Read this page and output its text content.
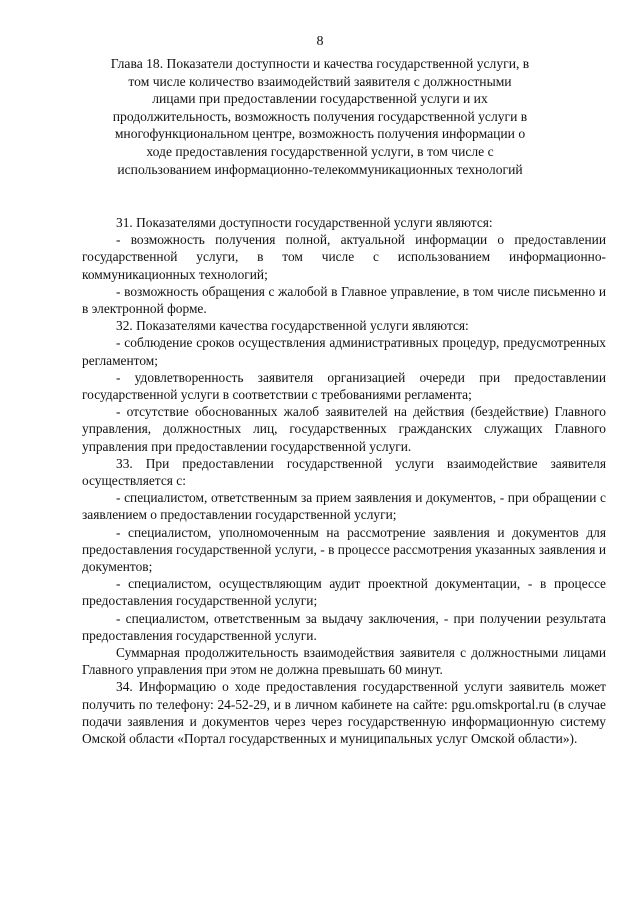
8
Глава 18. Показатели доступности и качества государственной услуги, в том числе количество взаимодействий заявителя с должностными лицами при предоставлении государственной услуги и их продолжительность, возможность получения государственной услуги в многофункциональном центре, возможность получения информации о ходе предоставления государственной услуги, в том числе с использованием информационно-телекоммуникационных технологий

31. Показателями доступности государственной услуги являются:

- возможность получения полной, актуальной информации о предоставлении государственной услуги, в том числе с использованием информационно-коммуникационных технологий;

- возможность обращения с жалобой в Главное управление, в том числе письменно и в электронной форме.

32. Показателями качества государственной услуги являются:

- соблюдение сроков осуществления административных процедур, предусмотренных регламентом;

- удовлетворенность заявителя организацией очереди при предоставлении государственной услуги в соответствии с требованиями регламента;

- отсутствие обоснованных жалоб заявителей на действия (бездействие) Главного управления, должностных лиц, государственных гражданских служащих Главного управления при предоставлении государственной услуги.

33. При предоставлении государственной услуги взаимодействие заявителя осуществляется с:

- специалистом, ответственным за прием заявления и документов, - при обращении с заявлением о предоставлении государственной услуги;

- специалистом, уполномоченным на рассмотрение заявления и документов для предоставления государственной услуги, - в процессе рассмотрения указанных заявления и документов;

- специалистом, осуществляющим аудит проектной документации, - в процессе предоставления государственной услуги;

- специалистом, ответственным за выдачу заключения, - при получении результата предоставления государственной услуги.

Суммарная продолжительность взаимодействия заявителя с должностными лицами Главного управления при этом не должна превышать 60 минут.

34. Информацию о ходе предоставления государственной услуги заявитель может получить по телефону: 24-52-29, и в личном кабинете на сайте: pgu.omskportal.ru (в случае подачи заявления и документов через через государственную информационную систему Омской области «Портал государственных и муниципальных услуг Омской области»).
